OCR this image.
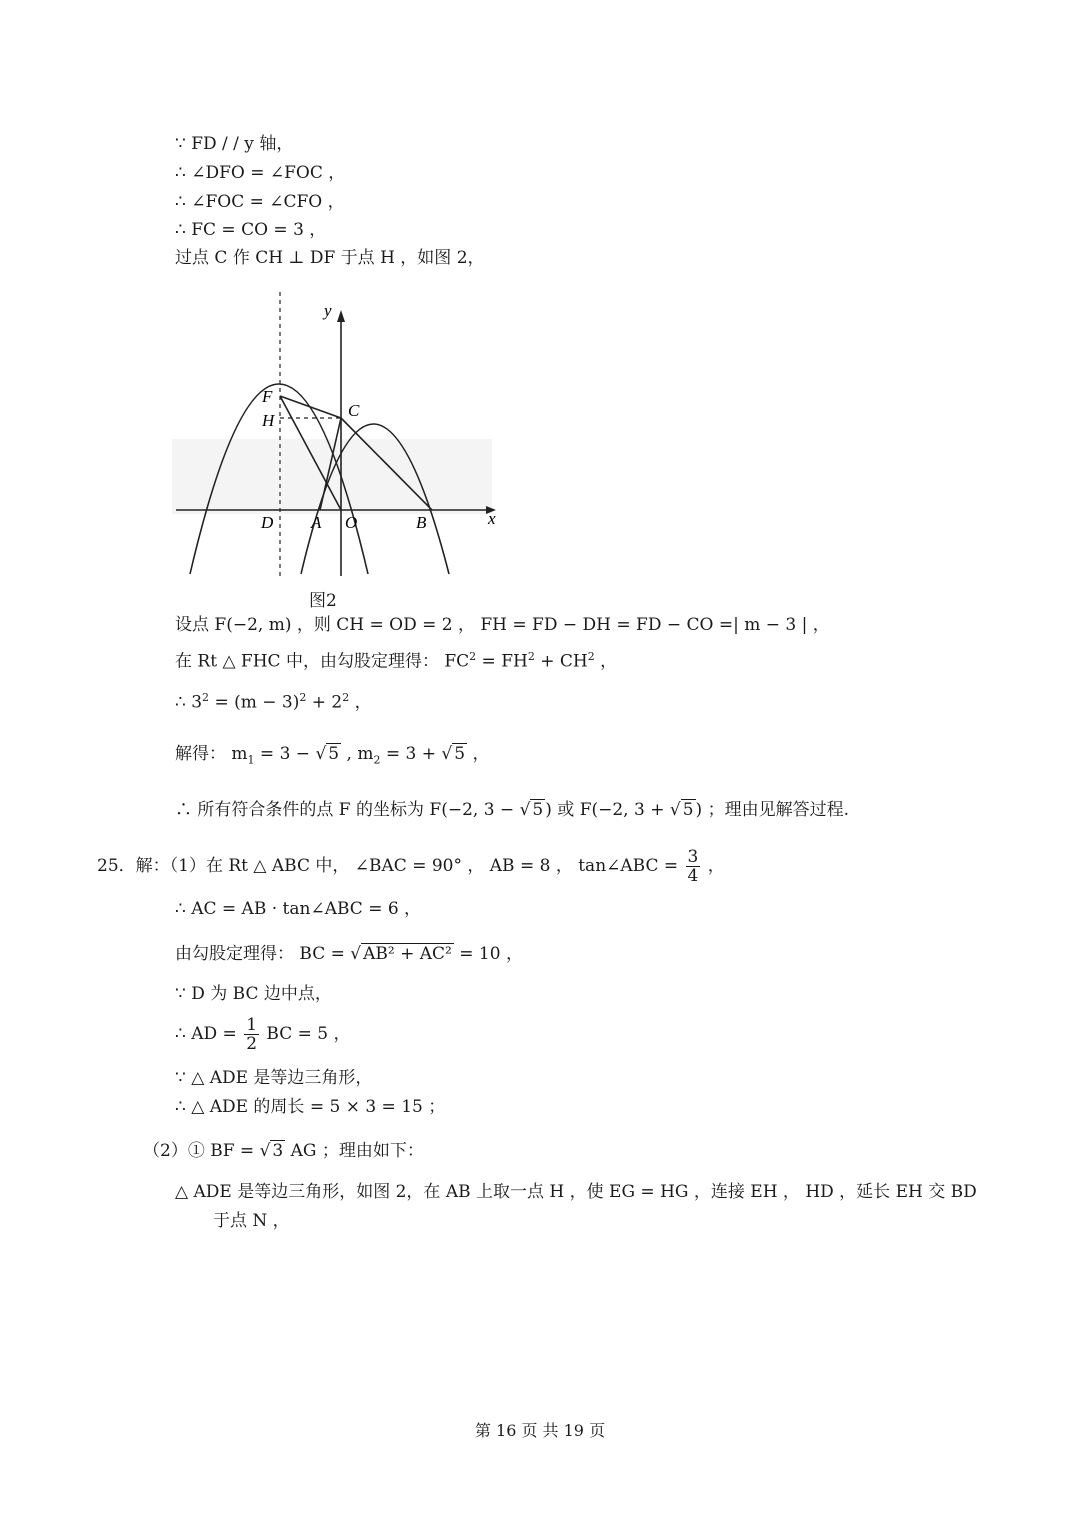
∵ FD / / y 轴，
∴ ∠DFO = ∠FOC ，
∴ ∠FOC = ∠CFO ，
∴ FC = CO = 3 ，
过点 C 作 CH ⊥ DF 于点 H ，如图 2，
y
x
F
H
C
D A O	B
图2
设点 F(−2, m) ，则 CH = OD = 2 ， FH = FD − DH = FD − CO =| m − 3 | ，
在 Rt △ FHC 中，由勾股定理得： $FC^2 = FH^2 + CH^2$ ，
∴ $3^2 = (m - 3)^2 + 2^2$ ，
解得： $m_1 = 3$ − √ 5 , $m_2 = 3$ + √ 5 ，
∴ 所有符合条件的点 F 的坐标为 F(−2, 3 − √ 5 ) 或 F(−2, 3 + √ 5 ) ；理由见解答过程.
25．解：（1）在 Rt △ ABC 中， ∠BAC = 90° ， AB = 8 ， tan∠ABC = $\frac{3}{4}$ ，
∴ AC = AB · tan∠ABC = 6 ，
由勾股定理得： BC = √ AB² + AC² = 10 ，
∵ D 为 BC 边中点，
∴ AD = $\frac{1}{2}$ BC = 5 ，
∵ △ ADE 是等边三角形，
∴ △ ADE 的周长 = 5 × 3 = 15 ；
（2）① BF = √ 3 AG ；理由如下：
△ ADE 是等边三角形，如图 2，在 AB 上取一点 H ，使 EG = HG ，连接 EH ， HD ，延长 EH 交 BD
于点 N ，
第 16 页 共 19 页
